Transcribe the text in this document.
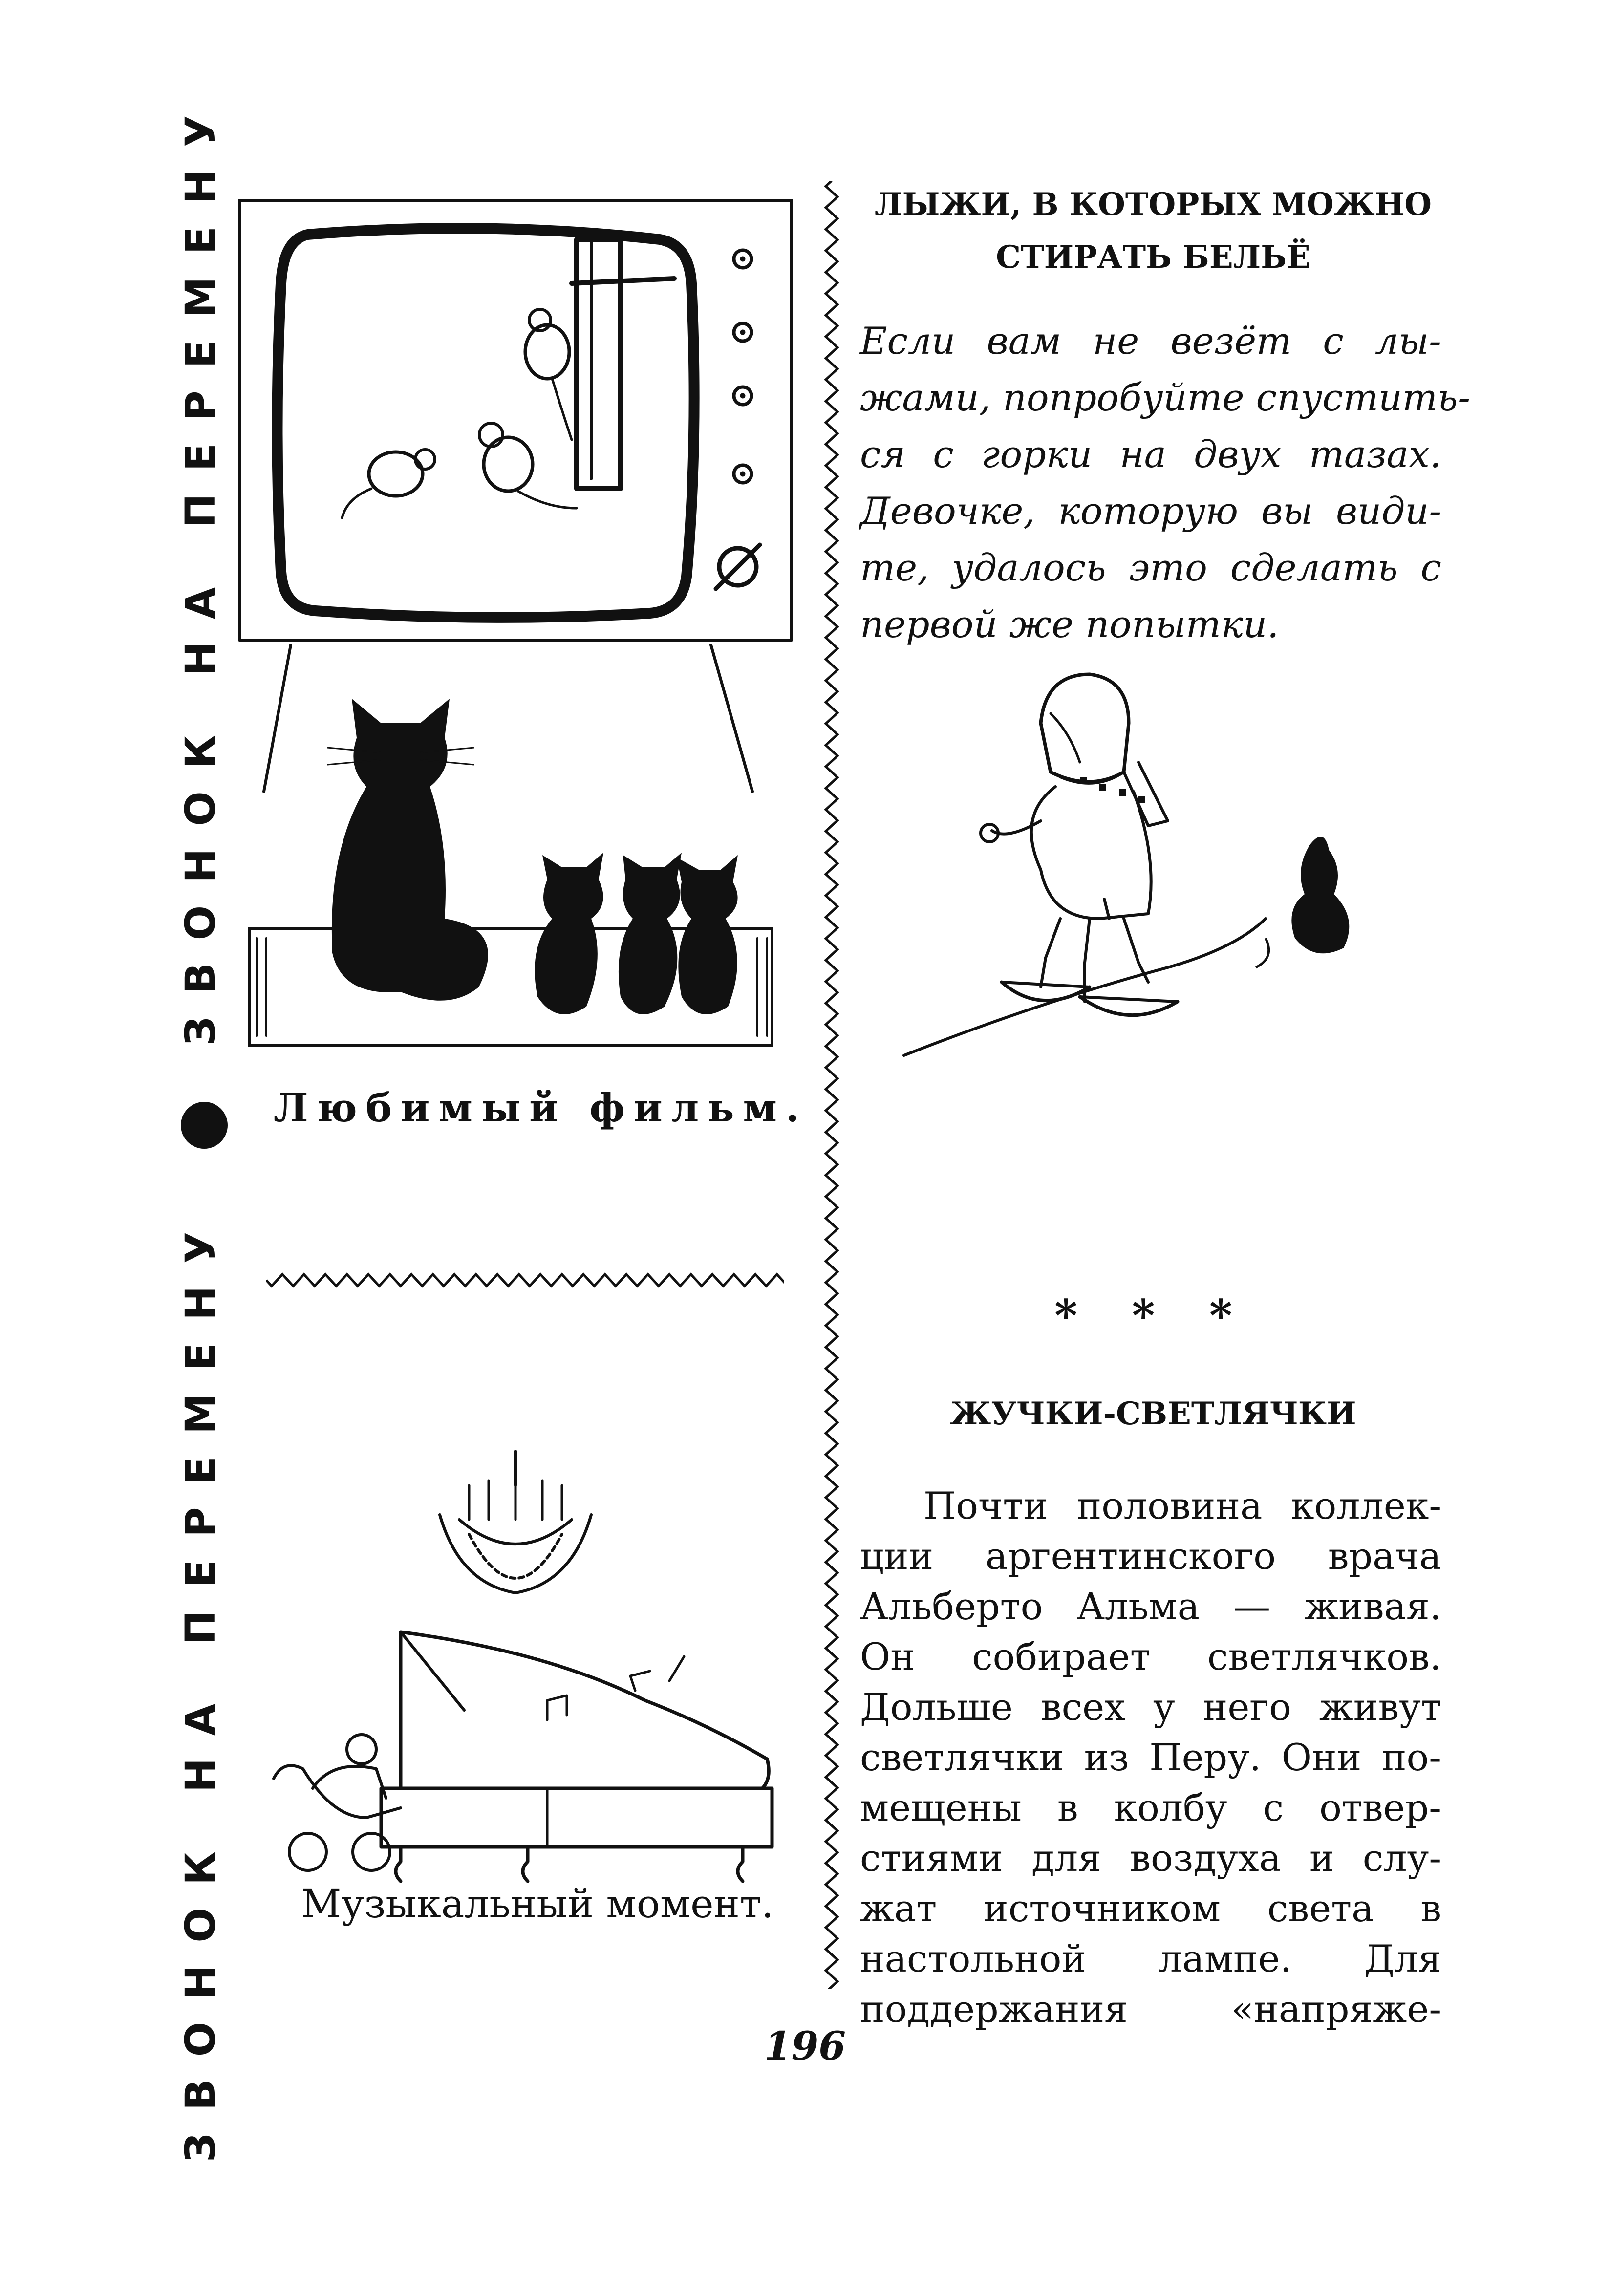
ЗВОНОК НА ПЕРЕМЕНУ
ЗВОНОК НА ПЕРЕМЕНУ
Любимый фильм.
Музыкальный момент.
ЛЫЖИ, В КОТОРЫХ МОЖНО
СТИРАТЬ БЕЛЬЁ
Если вам не везёт с лы-
жами, попробуйте спустить-
ся с горки на двух тазах.
Девочке, которую вы види-
те, удалось это сделать с
первой же попытки.
* * *
ЖУЧКИ-СВЕТЛЯЧКИ
Почти половина коллек-
ции аргентинского врача
Альберто Альма — живая.
Он собирает светлячков.
Дольше всех у него живут
светлячки из Перу. Они по-
мещены в колбу с отвер-
стиями для воздуха и слу-
жат источником света в
настольной лампе. Для
поддержания «напряже-
196
